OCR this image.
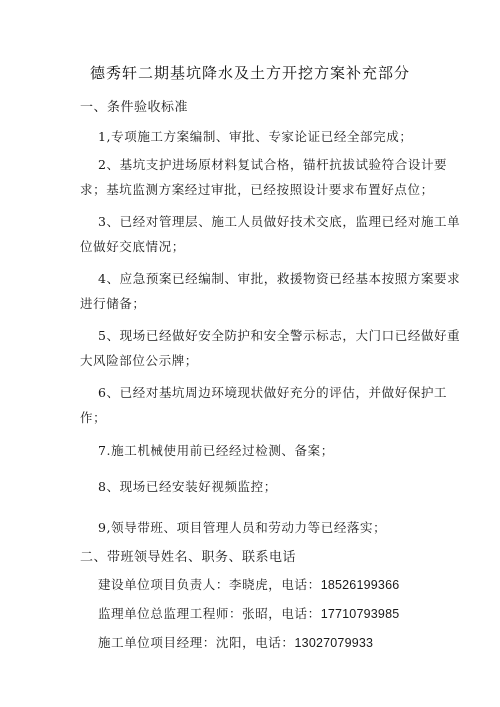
德秀轩二期基坑降水及土方开挖方案补充部分
一、条件验收标准
1,专项施工方案编制、审批、专家论证已经全部完成；
2、基坑支护进场原材料复试合格，锚杆抗拔试验符合设计要
求；基坑监测方案经过审批，已经按照设计要求布置好点位；
3、已经对管理层、施工人员做好技术交底，监理已经对施工单
位做好交底情况；
4、应急预案已经编制、审批，救援物资已经基本按照方案要求
进行储备；
5、现场已经做好安全防护和安全警示标志，大门口已经做好重
大风险部位公示牌；
6、已经对基坑周边环境现状做好充分的评估，并做好保护工
作；
7.施工机械使用前已经经过检测、备案；
8、现场已经安装好视频监控；
9,领导带班、项目管理人员和劳动力等已经落实；
二、带班领导姓名、职务、联系电话
建设单位项目负责人：李晓虎，电话：18526199366
监理单位总监理工程师：张昭，电话：17710793985
施工单位项目经理：沈阳，电话：13027079933
